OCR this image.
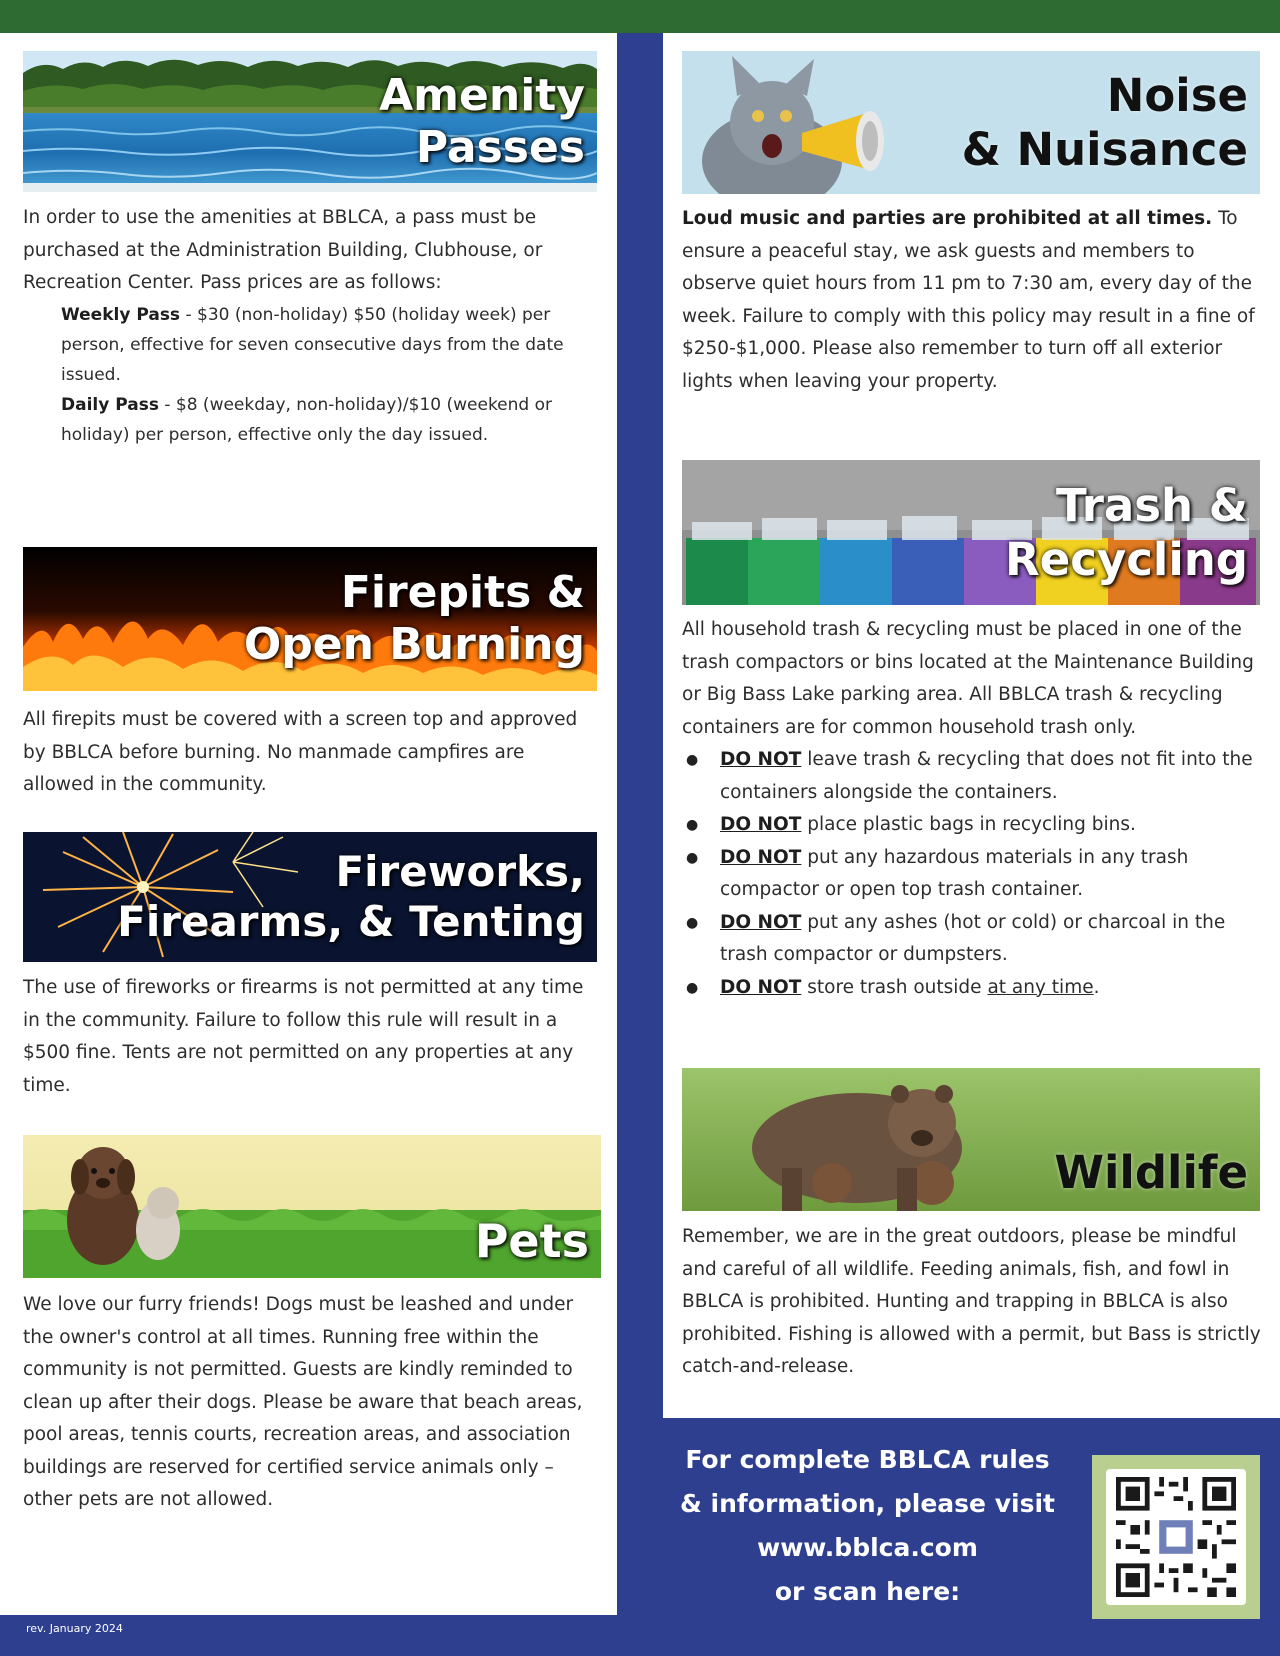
Amenity
Passes
In order to use the amenities at BBLCA, a pass must be purchased at the Administration Building, Clubhouse, or Recreation Center. Pass prices are as follows:
Weekly Pass - $30 (non-holiday) $50 (holiday week) per person, effective for seven consecutive days from the date issued.
Daily Pass - $8 (weekday, non-holiday)/$10 (weekend or holiday) per person, effective only the day issued.
Firepits &
Open Burning
All firepits must be covered with a screen top and approved by BBLCA before burning. No manmade campfires are allowed in the community.
Fireworks,
Firearms, & Tenting
The use of fireworks or firearms is not permitted at any time in the community. Failure to follow this rule will result in a $500 fine. Tents are not permitted on any properties at any time.
Pets
We love our furry friends! Dogs must be leashed and under the owner's control at all times. Running free within the community is not permitted. Guests are kindly reminded to clean up after their dogs. Please be aware that beach areas, pool areas, tennis courts, recreation areas, and association buildings are reserved for certified service animals only – other pets are not allowed.
rev. January 2024
Noise
& Nuisance
Loud music and parties are prohibited at all times. To ensure a peaceful stay, we ask guests and members to observe quiet hours from 11 pm to 7:30 am, every day of the week. Failure to comply with this policy may result in a fine of $250-$1,000. Please also remember to turn off all exterior lights when leaving your property.
Trash &
Recycling
All household trash & recycling must be placed in one of the trash compactors or bins located at the Maintenance Building or Big Bass Lake parking area. All BBLCA trash & recycling containers are for common household trash only.
● DO NOT leave trash & recycling that does not fit into the containers alongside the containers.
● DO NOT place plastic bags in recycling bins.
● DO NOT put any hazardous materials in any trash compactor or open top trash container.
● DO NOT put any ashes (hot or cold) or charcoal in the trash compactor or dumpsters.
● DO NOT store trash outside at any time.
Wildlife
Remember, we are in the great outdoors, please be mindful and careful of all wildlife. Feeding animals, fish, and fowl in BBLCA is prohibited. Hunting and trapping in BBLCA is also prohibited. Fishing is allowed with a permit, but Bass is strictly catch-and-release.
For complete BBLCA rules
& information, please visit
www.bblca.com
or scan here:
